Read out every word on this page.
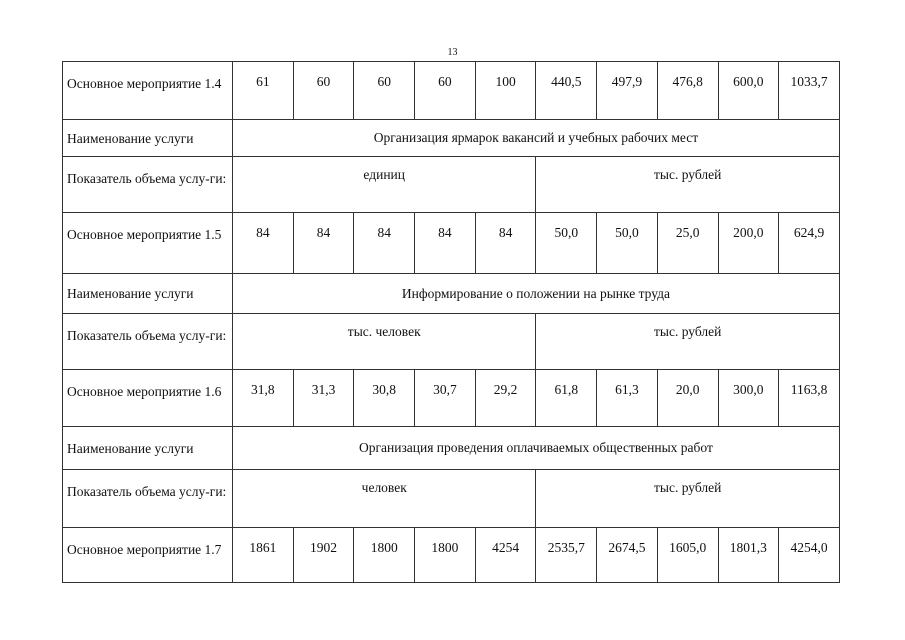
13
Основное мероприятие 1.4	61	60	60	60	100	440,5	497,9	476,8	600,0	1033,7
Наименование услуги	Организация ярмарок вакансий и учебных рабочих мест									
Показатель объема услу-ги:	единиц					тыс. рублей				
Основное мероприятие 1.5	84	84	84	84	84	50,0	50,0	25,0	200,0	624,9
Наименование услуги	Информирование о положении на рынке труда									
Показатель объема услу-ги:	тыс. человек					тыс. рублей				
Основное мероприятие 1.6	31,8	31,3	30,8	30,7	29,2	61,8	61,3	20,0	300,0	1163,8
Наименование услуги	Организация проведения оплачиваемых общественных работ									
Показатель объема услу-ги:	человек					тыс. рублей				
Основное мероприятие 1.7	1861	1902	1800	1800	4254	2535,7	2674,5	1605,0	1801,3	4254,0
